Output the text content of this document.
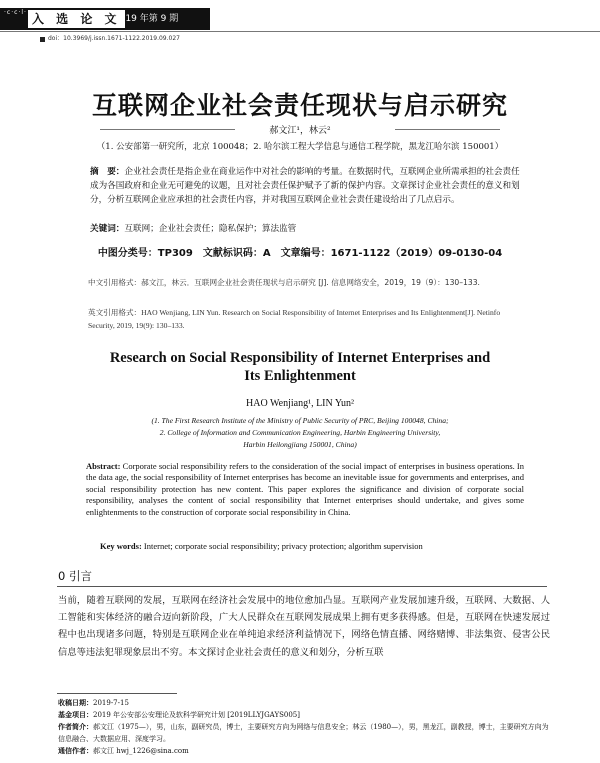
·c·c·l· 入 选 论 文
2019 年第 9 期
doi：10.3969/j.issn.1671-1122.2019.09.027
互联网企业社会责任现状与启示研究
郝文江¹，林云²
（1. 公安部第一研究所，北京 100048；2. 哈尔滨工程大学信息与通信工程学院，黑龙江哈尔滨 150001）
摘　要：企业社会责任是指企业在商业运作中对社会的影响的考量。在数据时代，互联网企业所需承担的社会责任成为各国政府和企业无可避免的议题，且对社会责任保护赋予了新的保护内容。文章探讨企业社会责任的意义和划分，分析互联网企业应承担的社会责任内容，并对我国互联网企业社会责任建设给出了几点启示。
关键词：互联网；企业社会责任；隐私保护；算法监管
中图分类号：TP309　文献标识码：A　文章编号：1671-1122（2019）09-0130-04
中文引用格式：郝文江，林云．互联网企业社会责任现状与启示研究 [J]. 信息网络安全，2019，19（9）：130–133.
英文引用格式：HAO Wenjiang, LIN Yun. Research on Social Responsibility of Internet Enterprises and Its Enlightenment[J]. Netinfo Security, 2019, 19(9): 130–133.
Research on Social Responsibility of Internet Enterprises and
Its Enlightenment
HAO Wenjiang¹, LIN Yun²
(1. The First Research Institute of the Ministry of Public Security of PRC, Beijing 100048, China;
2. College of Information and Communication Engineering, Harbin Engineering University,
Harbin Heilongjiang 150001, China)
Abstract: Corporate social responsibility refers to the consideration of the social impact of enterprises in business operations. In the data age, the social responsibility of Internet enterprises has become an inevitable issue for governments and enterprises, and social responsibility protection has new content. This paper explores the significance and division of corporate social responsibility, analyses the content of social responsibility that Internet enterprises should undertake, and gives some enlightenments to the construction of corporate social responsibility in China.
Key words: Internet; corporate social responsibility; privacy protection; algorithm supervision
0 引言
当前，随着互联网的发展，互联网在经济社会发展中的地位愈加凸显。互联网产业发展加速升级，互联网、大数据、人工智能和实体经济的融合迈向新阶段，广大人民群众在互联网发展成果上拥有更多获得感。但是，互联网在快速发展过程中也出现诸多问题，特别是互联网企业在单纯追求经济利益情况下，网络色情直播、网络赌博、非法集资、侵害公民信息等违法犯罪现象层出不穷。本文探讨企业社会责任的意义和划分，分析互联
收稿日期：2019-7-15
基金项目：2019 年公安部公安理论及软科学研究计划 [2019LLYJGAYS005]
作者简介：郝文江（1975—），男，山东，副研究员，博士，主要研究方向为网络与信息安全；林云（1980—），男，黑龙江，副教授，博士，主要研究方向为信息融合、大数据应用、深度学习。
通信作者：郝文江 hwj_1226@sina.com
